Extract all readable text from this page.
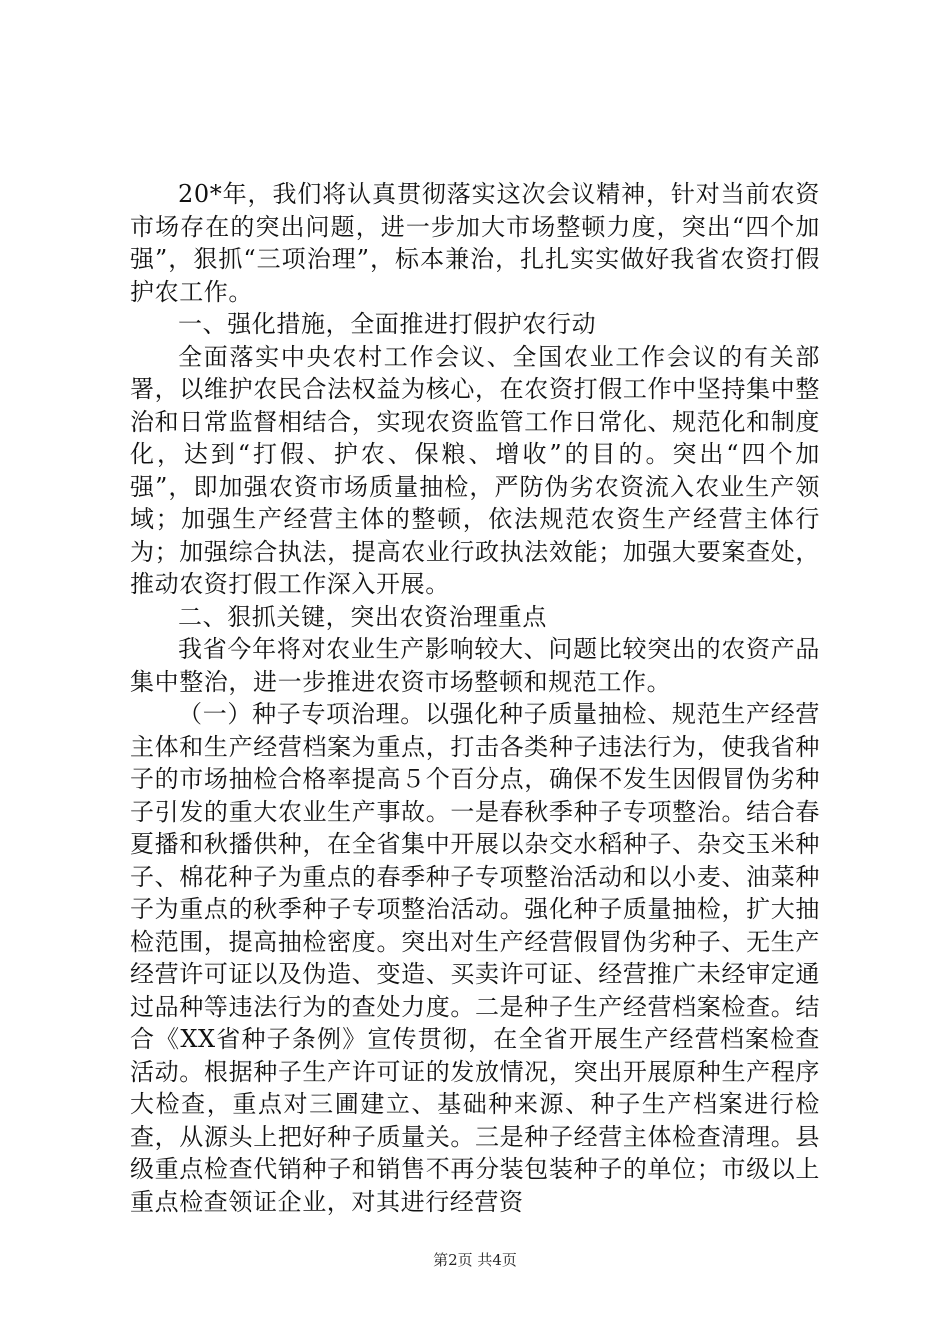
20*年，我们将认真贯彻落实这次会议精神，针对当前农资市场存在的突出问题，进一步加大市场整顿力度，突出“四个加强”，狠抓“三项治理”，标本兼治，扎扎实实做好我省农资打假护农工作。

一、强化措施，全面推进打假护农行动

全面落实中央农村工作会议、全国农业工作会议的有关部署，以维护农民合法权益为核心，在农资打假工作中坚持集中整治和日常监督相结合，实现农资监管工作日常化、规范化和制度化，达到“打假、护农、保粮、增收”的目的。突出“四个加强”，即加强农资市场质量抽检，严防伪劣农资流入农业生产领域；加强生产经营主体的整顿，依法规范农资生产经营主体行为；加强综合执法，提高农业行政执法效能；加强大要案查处，推动农资打假工作深入开展。

二、狠抓关键，突出农资治理重点

我省今年将对农业生产影响较大、问题比较突出的农资产品集中整治，进一步推进农资市场整顿和规范工作。

（一）种子专项治理。以强化种子质量抽检、规范生产经营主体和生产经营档案为重点，打击各类种子违法行为，使我省种子的市场抽检合格率提高５个百分点，确保不发生因假冒伪劣种子引发的重大农业生产事故。一是春秋季种子专项整治。结合春夏播和秋播供种，在全省集中开展以杂交水稻种子、杂交玉米种子、棉花种子为重点的春季种子专项整治活动和以小麦、油菜种子为重点的秋季种子专项整治活动。强化种子质量抽检，扩大抽检范围，提高抽检密度。突出对生产经营假冒伪劣种子、无生产经营许可证以及伪造、变造、买卖许可证、经营推广未经审定通过品种等违法行为的查处力度。二是种子生产经营档案检查。结合《XX省种子条例》宣传贯彻，在全省开展生产经营档案检查活动。根据种子生产许可证的发放情况，突出开展原种生产程序大检查，重点对三圃建立、基础种来源、种子生产档案进行检查，从源头上把好种子质量关。三是种子经营主体检查清理。县级重点检查代销种子和销售不再分装包装种子的单位；市级以上重点检查领证企业，对其进行经营资

第2页 共4页
